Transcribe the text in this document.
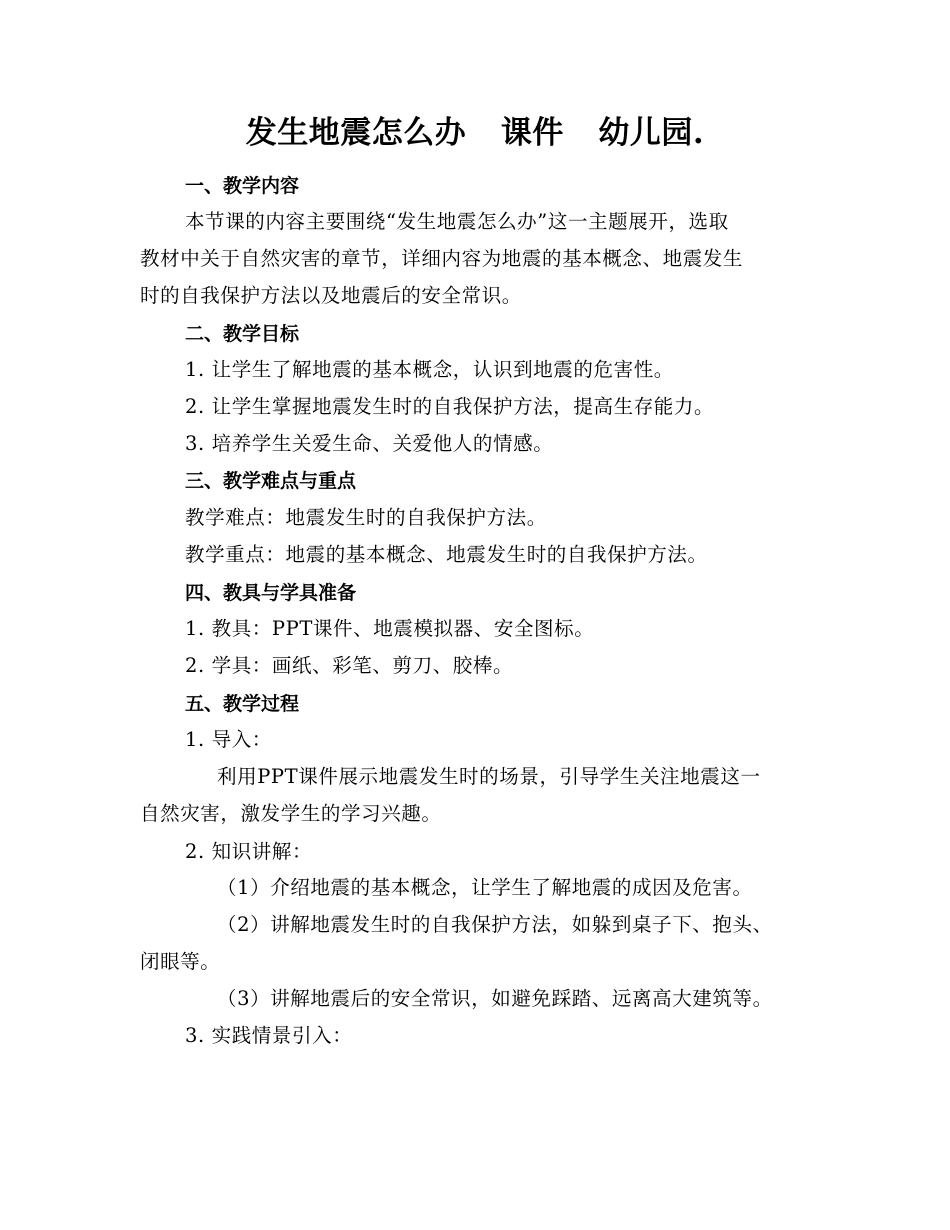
发生地震怎么办  课件  幼儿园.
一、教学内容
本节课的内容主要围绕“发生地震怎么办”这一主题展开，选取
教材中关于自然灾害的章节，详细内容为地震的基本概念、地震发生
时的自我保护方法以及地震后的安全常识。
二、教学目标
1. 让学生了解地震的基本概念，认识到地震的危害性。
2. 让学生掌握地震发生时的自我保护方法，提高生存能力。
3. 培养学生关爱生命、关爱他人的情感。
三、教学难点与重点
教学难点：地震发生时的自我保护方法。
教学重点：地震的基本概念、地震发生时的自我保护方法。
四、教具与学具准备
1. 教具：PPT课件、地震模拟器、安全图标。
2. 学具：画纸、彩笔、剪刀、胶棒。
五、教学过程
1. 导入：
利用PPT课件展示地震发生时的场景，引导学生关注地震这一
自然灾害，激发学生的学习兴趣。
2. 知识讲解：
（1）介绍地震的基本概念，让学生了解地震的成因及危害。
（2）讲解地震发生时的自我保护方法，如躲到桌子下、抱头、
闭眼等。
（3）讲解地震后的安全常识，如避免踩踏、远离高大建筑等。
3. 实践情景引入：
